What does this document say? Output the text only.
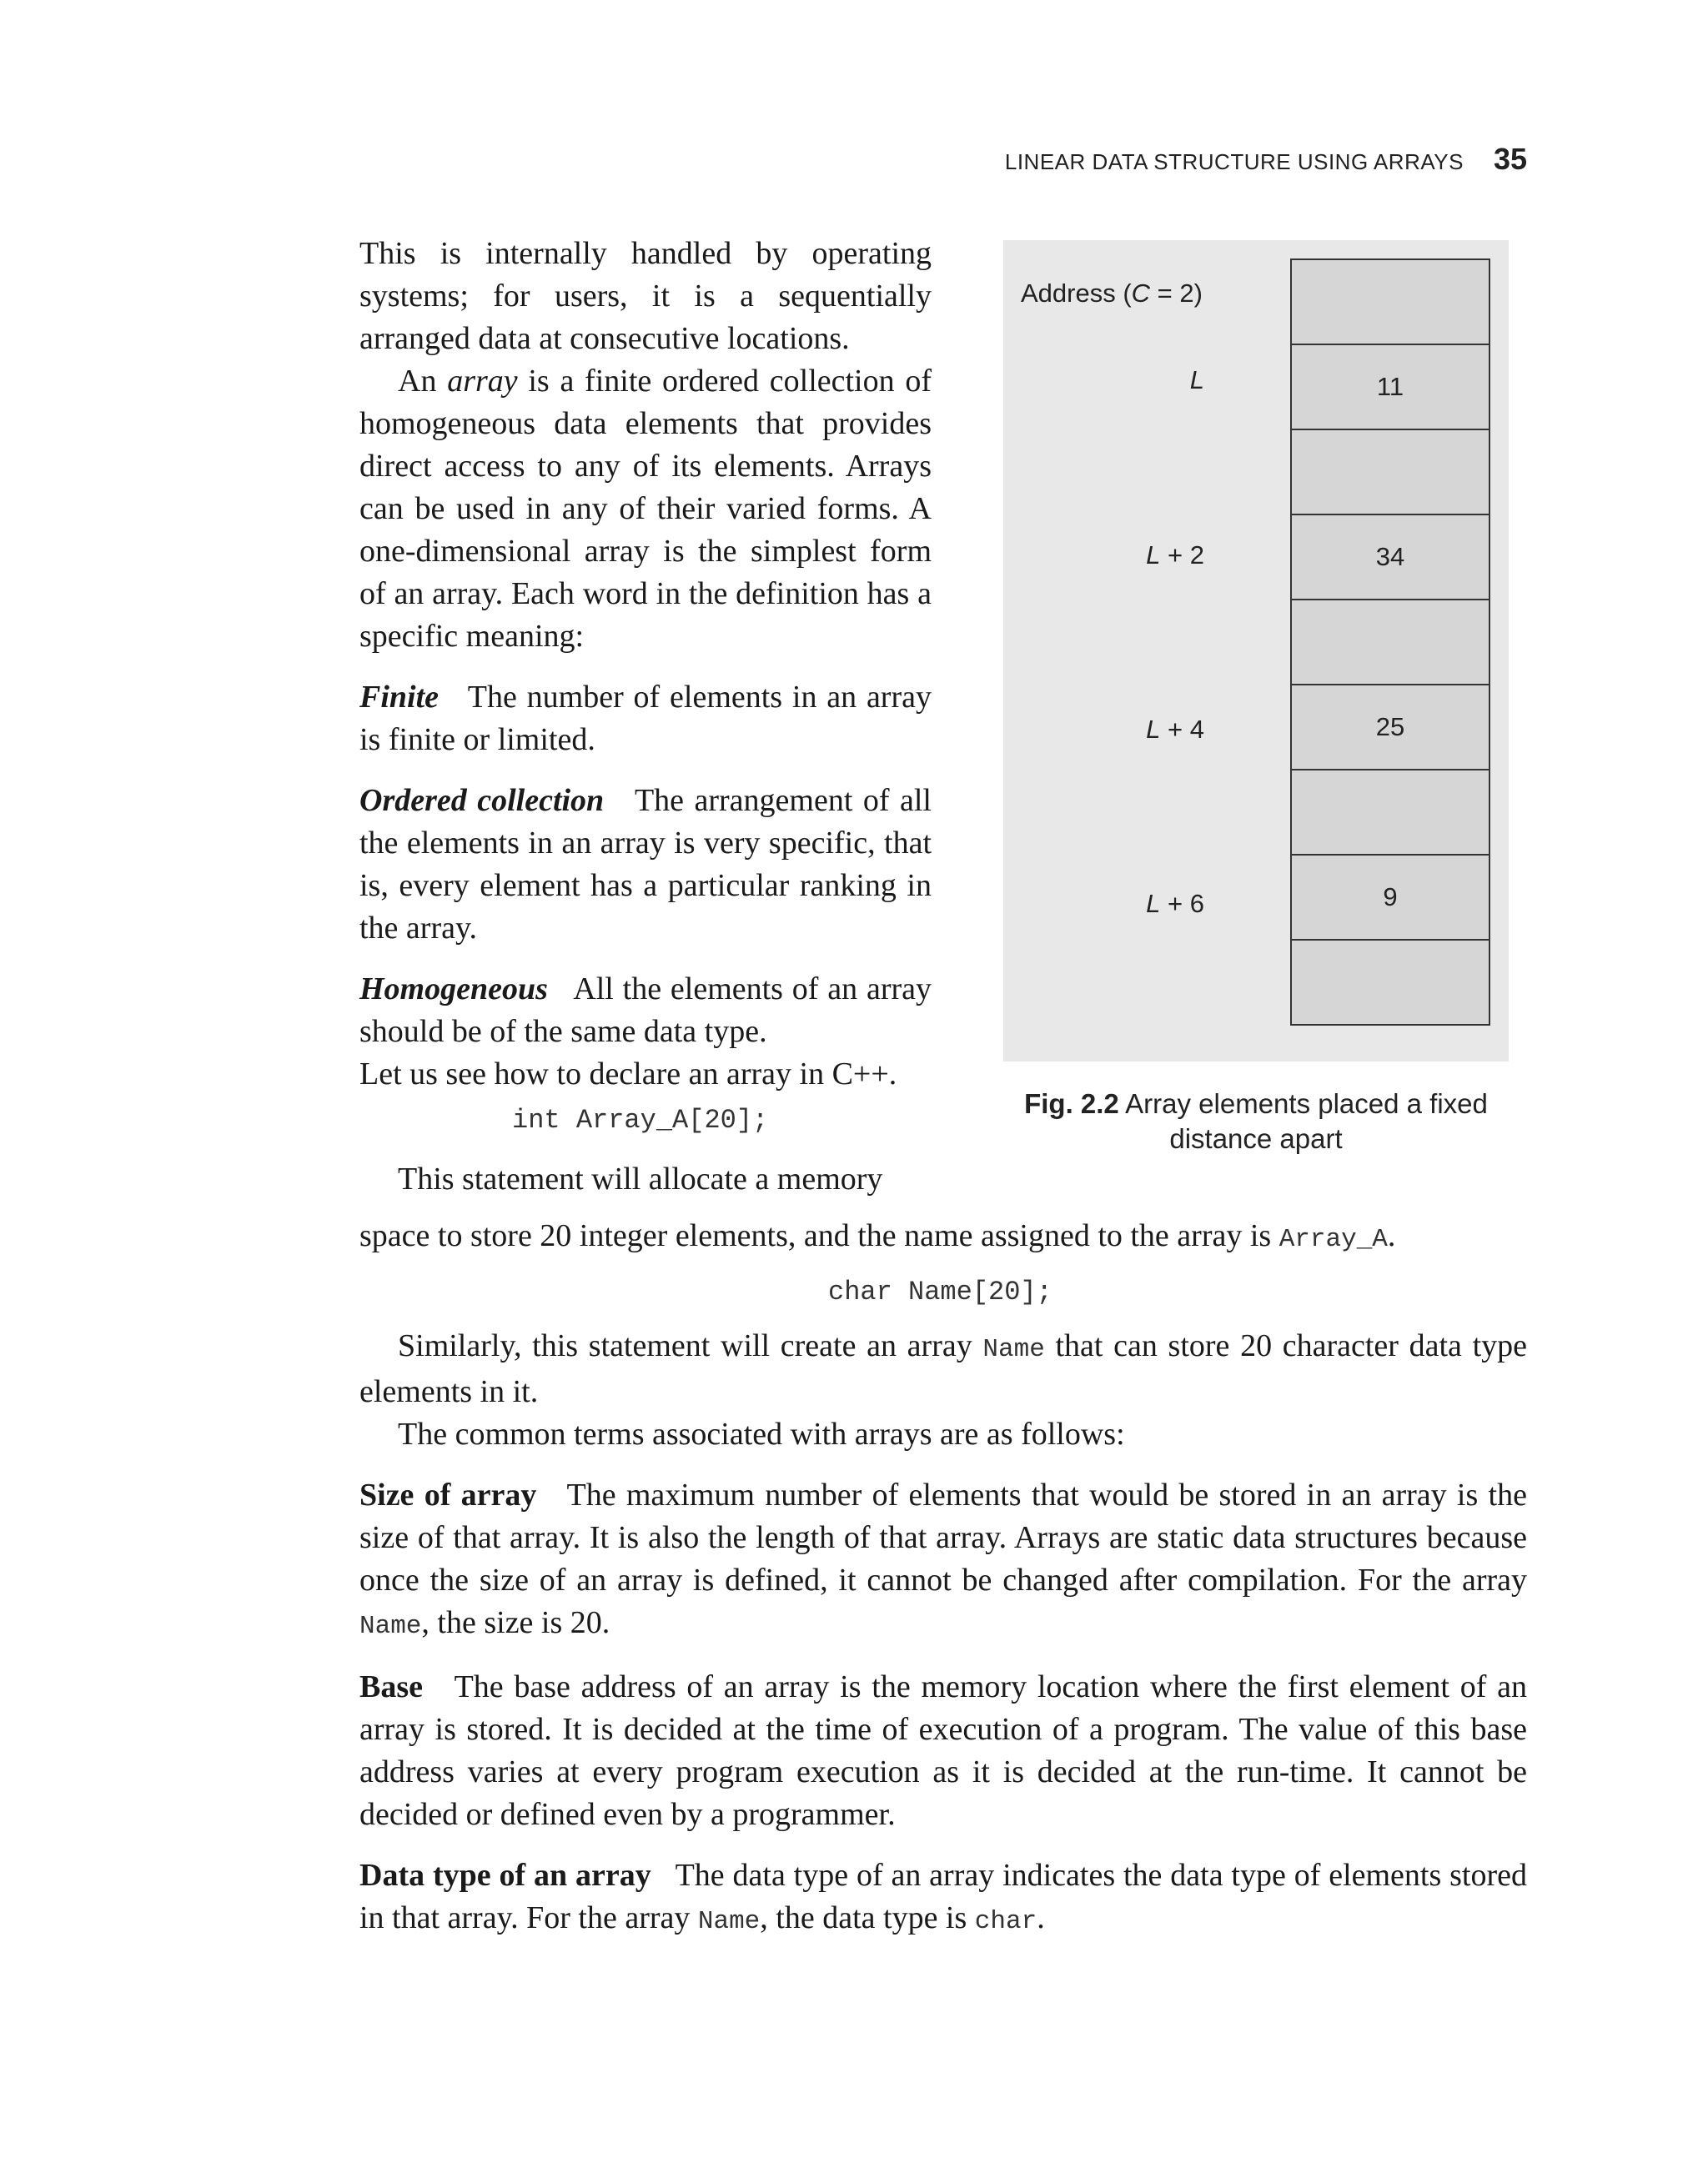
LINEAR DATA STRUCTURE USING ARRAYS 35

This is internally handled by operating systems; for users, it is a sequentially arranged data at consecutive locations.

An array is a finite ordered collection of homogeneous data elements that provides direct access to any of its elements. Arrays can be used in any of their varied forms. A one-dimensional array is the simplest form of an array. Each word in the definition has a specific meaning:

Finite The number of elements in an array is finite or limited.

Ordered collection The arrangement of all the elements in an array is very specific, that is, every element has a particular ranking in the array.

Homogeneous All the elements of an array should be of the same data type.

Let us see how to declare an array in C++.

int Array_A[20];

This statement will allocate a memory

Address (C = 2)
L
L + 2
L + 4
L + 6
11
34
25
9
Fig. 2.2 Array elements placed a fixed
distance apart

space to store 20 integer elements, and the name assigned to the array is Array_A.

char Name[20];

Similarly, this statement will create an array Name that can store 20 character data type elements in it.

The common terms associated with arrays are as follows:

Size of array The maximum number of elements that would be stored in an array is the size of that array. It is also the length of that array. Arrays are static data structures because once the size of an array is defined, it cannot be changed after compilation. For the array Name, the size is 20.

Base The base address of an array is the memory location where the first element of an array is stored. It is decided at the time of execution of a program. The value of this base address varies at every program execution as it is decided at the run-time. It cannot be decided or defined even by a programmer.

Data type of an array The data type of an array indicates the data type of elements stored in that array. For the array Name, the data type is char.
